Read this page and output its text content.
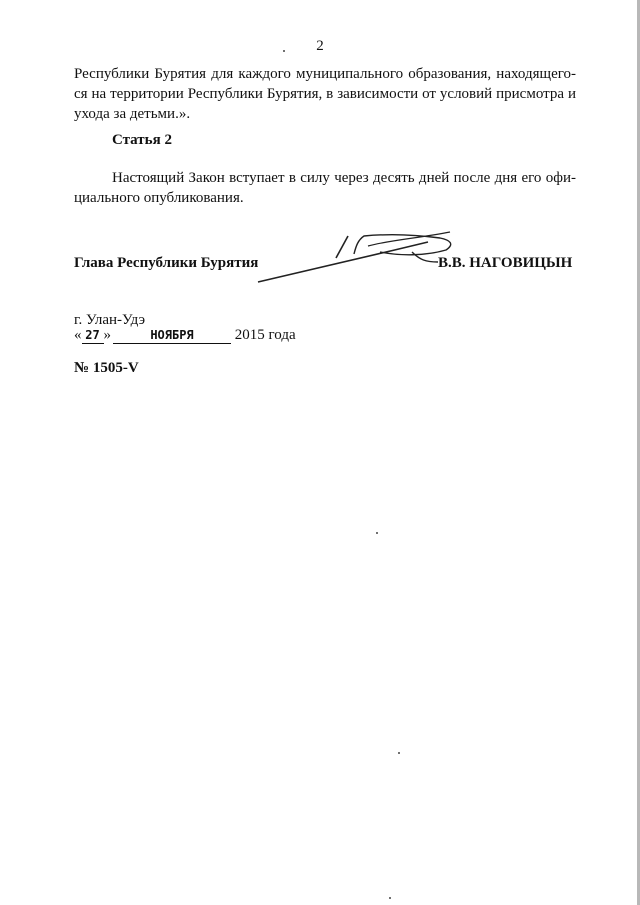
2
Республики Бурятия для каждого муниципального образования, находящего-ся на территории Республики Бурятия, в зависимости от условий присмотра и ухода за детьми.».
Статья 2
Настоящий Закон вступает в силу через десять дней после дня его офи-циального опубликования.
Глава Республики Бурятия	В.В. НАГОВИЦЫН
г. Улан-Удэ
« 27 »	НОЯБРЯ	2015 года
№ 1505-V
